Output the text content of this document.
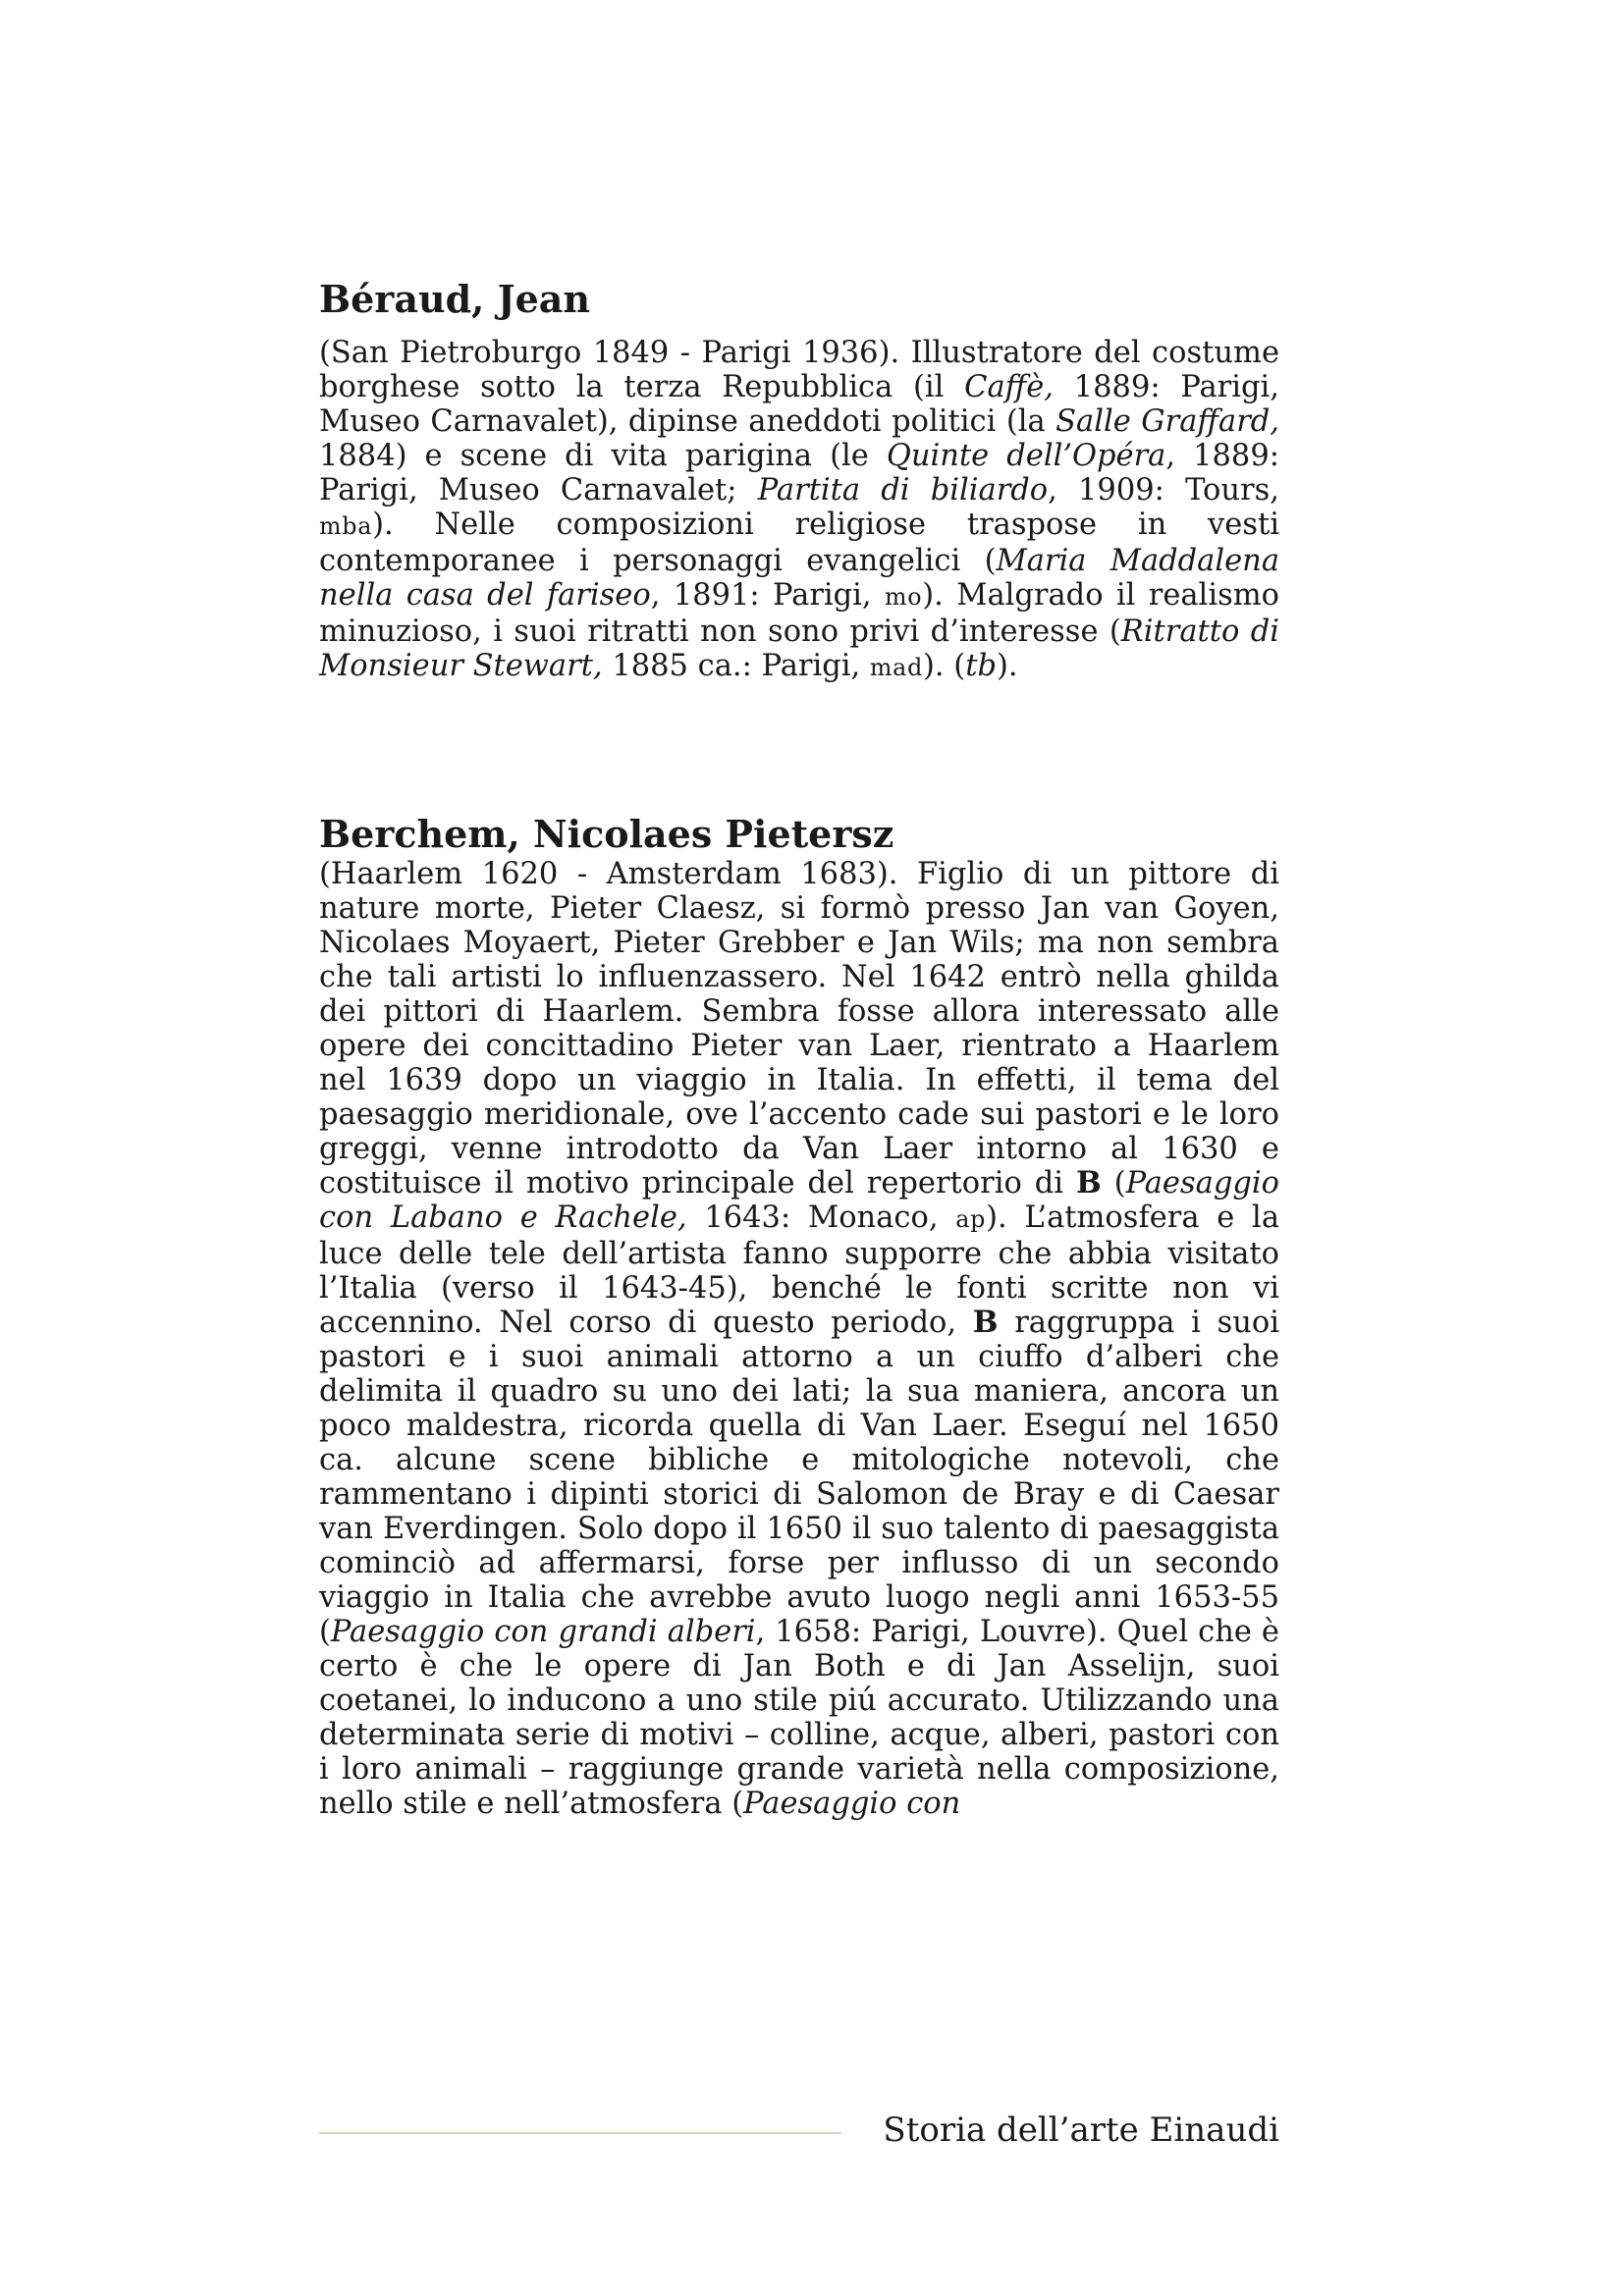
Béraud, Jean

(San Pietroburgo 1849 - Parigi 1936). Illustratore del costume borghese sotto la terza Repubblica (il Caffè, 1889: Parigi, Museo Carnavalet), dipinse aneddoti politici (la Salle Graffard, 1884) e scene di vita parigina (le Quinte dell’Opéra, 1889: Parigi, Museo Carnavalet; Partita di biliardo, 1909: Tours, mba). Nelle composizioni religiose traspose in vesti contemporanee i personaggi evangelici (Maria Maddalena nella casa del fariseo, 1891: Parigi, mo). Malgrado il realismo minuzioso, i suoi ritratti non sono privi d’interesse (Ritratto di Monsieur Stewart, 1885 ca.: Parigi, mad). (tb).

Berchem, Nicolaes Pietersz

(Haarlem 1620 - Amsterdam 1683). Figlio di un pittore di nature morte, Pieter Claesz, si formò presso Jan van Goyen, Nicolaes Moyaert, Pieter Grebber e Jan Wils; ma non sembra che tali artisti lo influenzassero. Nel 1642 entrò nella ghilda dei pittori di Haarlem. Sembra fosse allora interessato alle opere dei concittadino Pieter van Laer, rientrato a Haarlem nel 1639 dopo un viaggio in Italia. In effetti, il tema del paesaggio meridionale, ove l’accento cade sui pastori e le loro greggi, venne introdotto da Van Laer intorno al 1630 e costituisce il motivo principale del repertorio di B (Paesaggio con Labano e Rachele, 1643: Monaco, ap). L’atmosfera e la luce delle tele dell’artista fanno supporre che abbia visitato l’Italia (verso il 1643-45), benché le fonti scritte non vi accennino. Nel corso di questo periodo, B raggruppa i suoi pastori e i suoi animali attorno a un ciuffo d’alberi che delimita il quadro su uno dei lati; la sua maniera, ancora un poco maldestra, ricorda quella di Van Laer. Eseguí nel 1650 ca. alcune scene bibliche e mitologiche notevoli, che rammentano i dipinti storici di Salomon de Bray e di Caesar van Everdingen. Solo dopo il 1650 il suo talento di paesaggista cominciò ad affermarsi, forse per influsso di un secondo viaggio in Italia che avrebbe avuto luogo negli anni 1653-55 (Paesaggio con grandi alberi, 1658: Parigi, Louvre). Quel che è certo è che le opere di Jan Both e di Jan Asselijn, suoi coetanei, lo inducono a uno stile piú accurato. Utilizzando una determinata serie di motivi – colline, acque, alberi, pastori con i loro animali – raggiunge grande varietà nella composizione, nello stile e nell’atmosfera (Paesaggio con

Storia dell’arte Einaudi
